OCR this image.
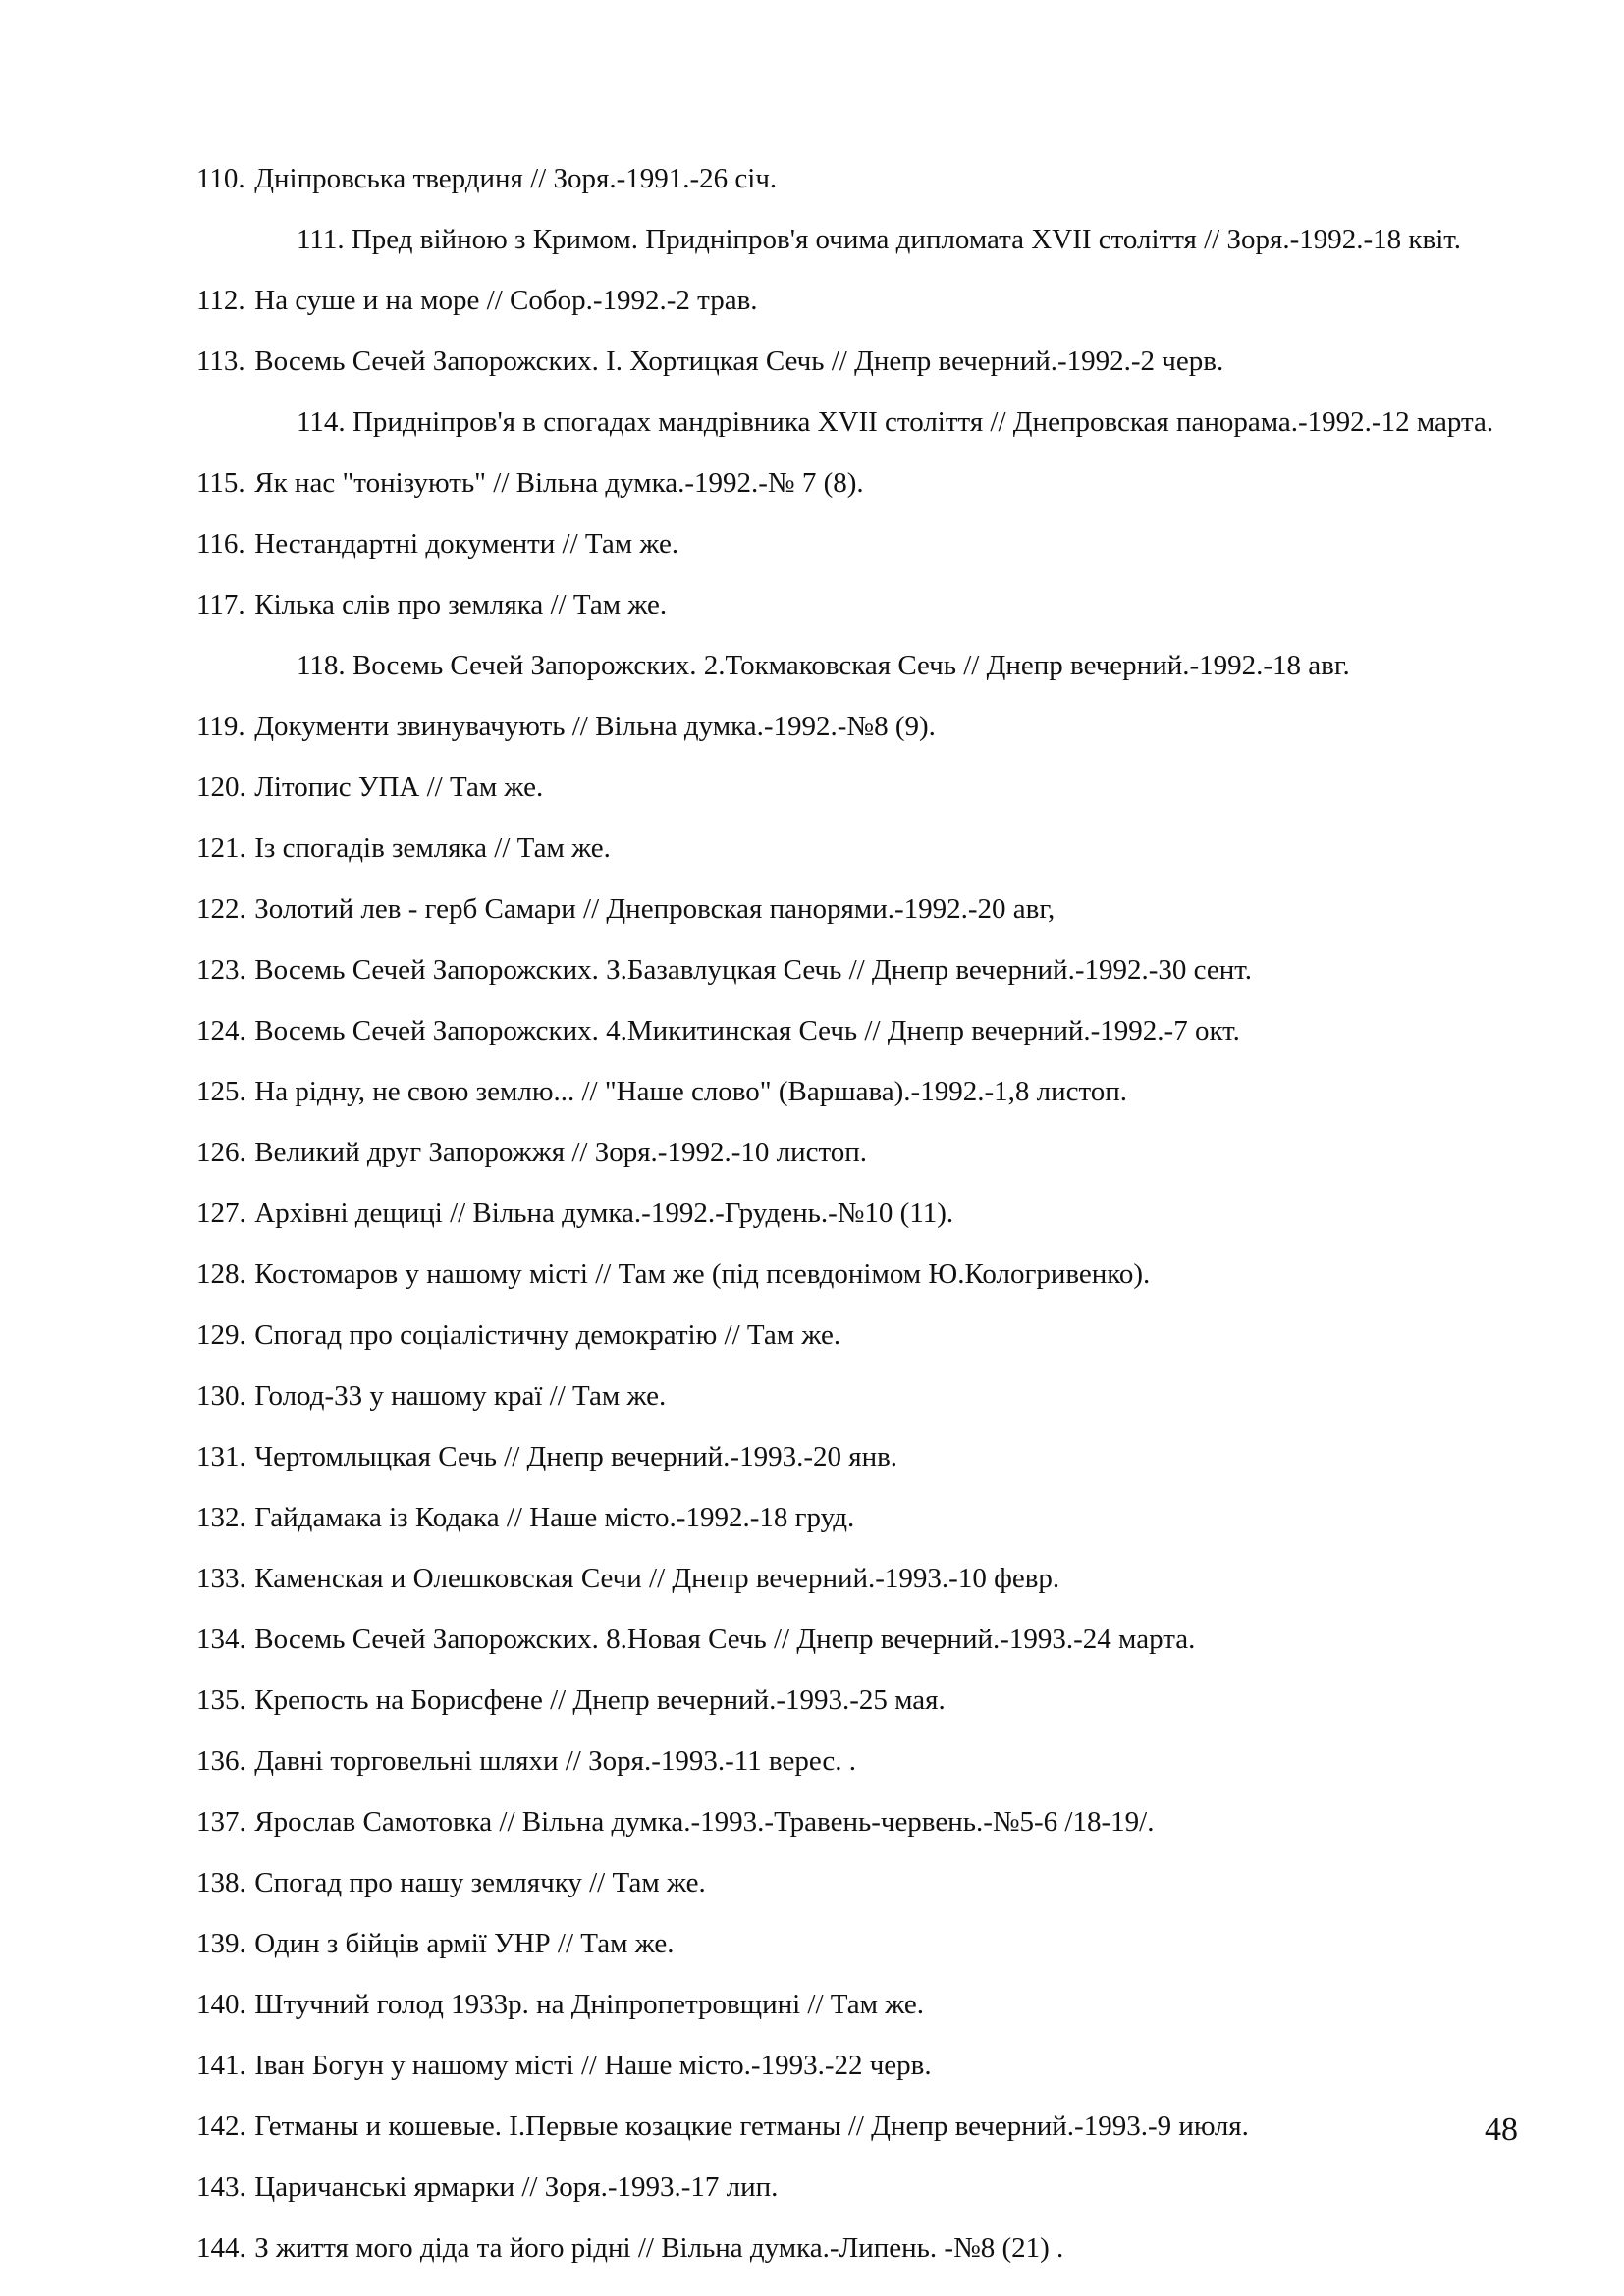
110. Дніпровська твердиня // Зоря.-1991.-26 січ.
111. Пред війною з Кримом. Придніпров'я очима дипломата XVII століття // Зоря.-1992.-18 квіт.
112. На суше и на море // Собор.-1992.-2 трав.
113. Восемь Сечей Запорожских. I. Хортицкая Сечь // Днепр вечерний.-1992.-2 черв.
114. Придніпров'я в спогадах мандрівника XVII століття // Днепровская панорама.-1992.-12 марта.
115. Як нас "тонізують" // Вільна думка.-1992.-№ 7 (8).
116. Нестандартні документи // Там же.
117. Кілька слів про земляка // Там же.
118. Восемь Сечей Запорожских. 2.Токмаковская Сечь // Днепр вечерний.-1992.-18 авг.
119. Документи звинувачують // Вільна думка.-1992.-№8 (9).
120. Літопис УПА // Там же.
121. Із спогадів земляка // Там же.
122. Золотий лев - герб Самари // Днепровская панорями.-1992.-20 авг,
123. Восемь Сечей Запорожских. З.Базавлуцкая Сечь // Днепр вечерний.-1992.-30 сент.
124. Восемь Сечей Запорожских. 4.Микитинская Сечь // Днепр вечерний.-1992.-7 окт.
125. На рідну, не свою землю... // "Наше слово" (Варшава).-1992.-1,8 листоп.
126. Великий друг Запорожжя // Зоря.-1992.-10 листоп.
127. Архівні дещиці // Вільна думка.-1992.-Грудень.-№10 (11).
128. Костомаров у нашому місті // Там же (під псевдонімом Ю.Кологривенко).
129. Спогад про соціалістичну демократію // Там же.
130. Голод-33 у нашому краї // Там же.
131. Чертомлыцкая Сечь // Днепр вечерний.-1993.-20 янв.
132. Гайдамака із Кодака // Наше місто.-1992.-18 груд.
133. Каменская и Олешковская Сечи // Днепр вечерний.-1993.-10 февр.
134. Восемь Сечей Запорожских. 8.Новая Сечь // Днепр вечерний.-1993.-24 марта.
135. Крепость на Борисфене // Днепр вечерний.-1993.-25 мая.
136. Давні торговельні шляхи // Зоря.-1993.-11 верес. .
137. Ярослав Самотовка // Вільна думка.-1993.-Травень-червень.-№5-6 /18-19/.
138. Спогад про нашу землячку // Там же.
139. Один з бійців армії УНР // Там же.
140. Штучний голод 1933р. на Дніпропетровщині // Там же.
141. Іван Богун у нашому місті // Наше місто.-1993.-22 черв.
142. Гетманы и кошевые. I.Первые козацкие гетманы // Днепр вечерний.-1993.-9 июля.
143. Царичанські ярмарки // Зоря.-1993.-17 лип.
144. З життя мого діда та його рідні // Вільна думка.-Липень. -№8 (21) .
48
